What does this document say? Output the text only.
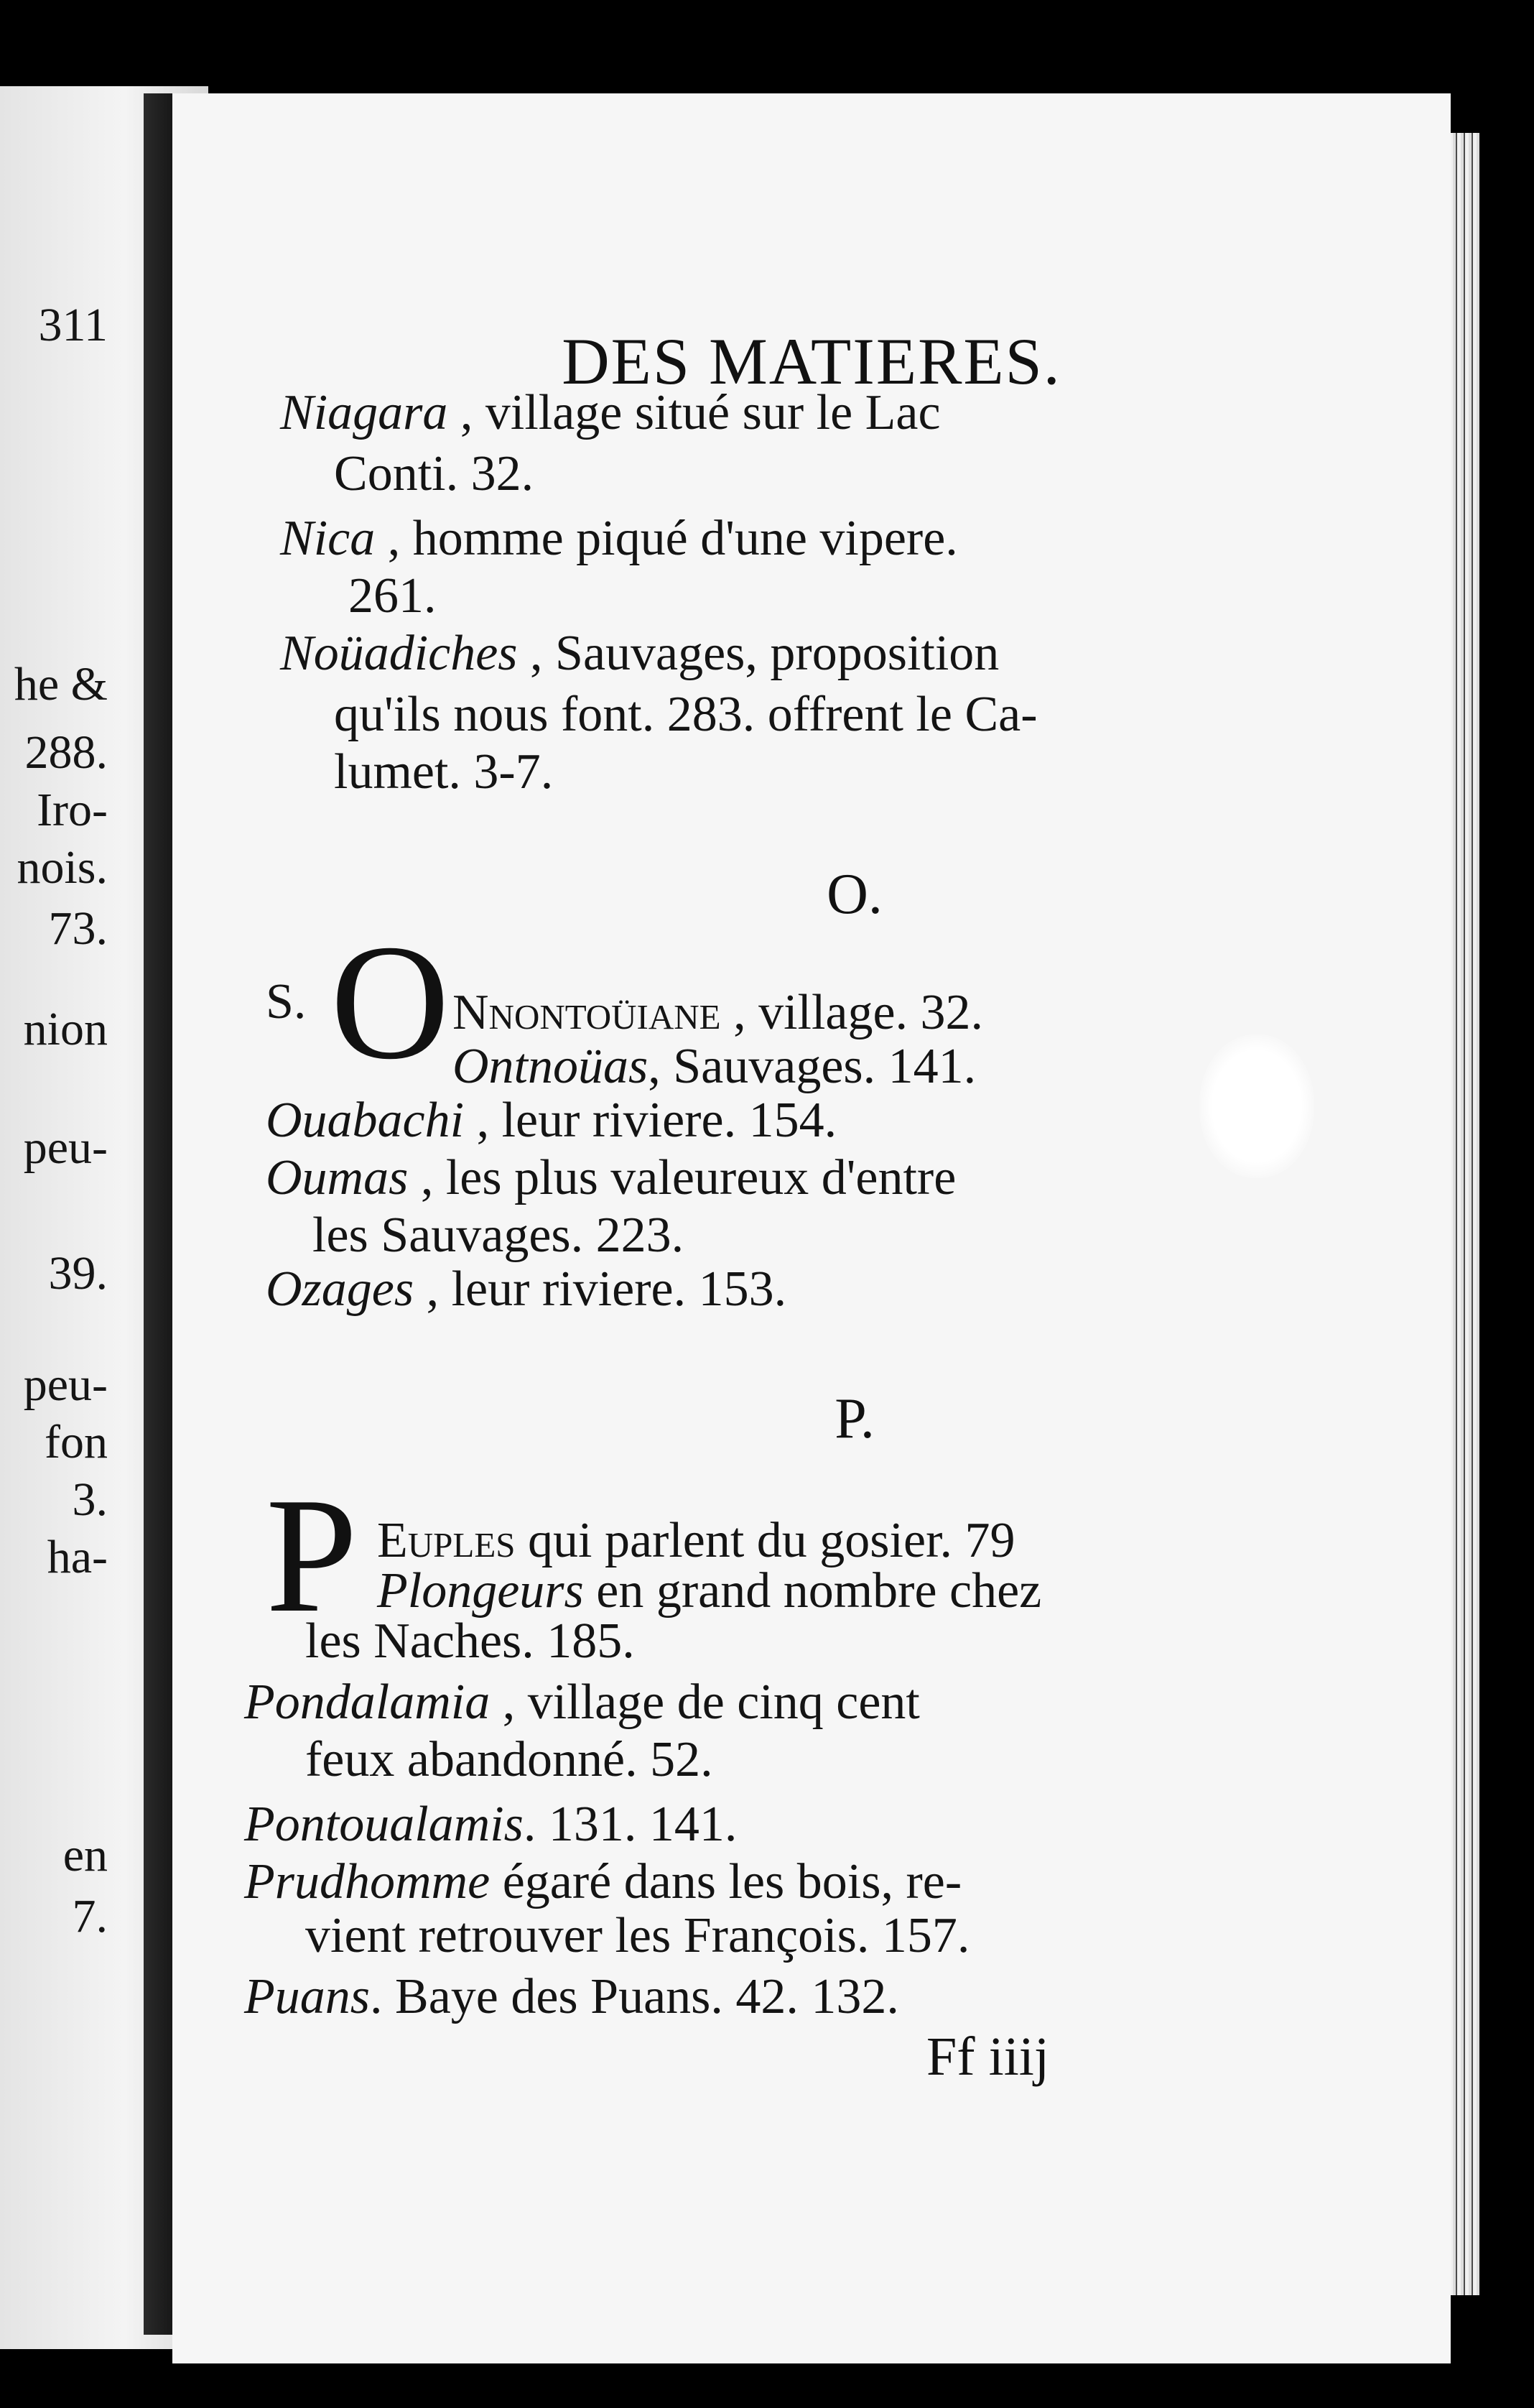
311
he &
288.
Iro-
nois.
73.
nion
peu-
39.
peu-
fon
3.
ha-
en
7.
DES MATIERES.
Niagara , village situé sur le Lac
Conti. 32.
Nica , homme piqué d'une vipere.
261.
Noüadiches , Sauvages, proposition
qu'ils nous font. 283. offrent le Ca-
lumet. 3-7.
O.
S. O Nnontoüiane , village. 32.
Ontnoüas, Sauvages. 141.
Ouabachi , leur riviere. 154.
Oumas , les plus valeureux d'entre
les Sauvages. 223.
Ozages , leur riviere. 153.
P.
P Euples qui parlent du gosier. 79
Plongeurs en grand nombre chez
les Naches. 185.
Pondalamia , village de cinq cent
feux abandonné. 52.
Pontoualamis. 131. 141.
Prudhomme égaré dans les bois, re-
vient retrouver les François. 157.
Puans. Baye des Puans. 42. 132.
Ff iiij
